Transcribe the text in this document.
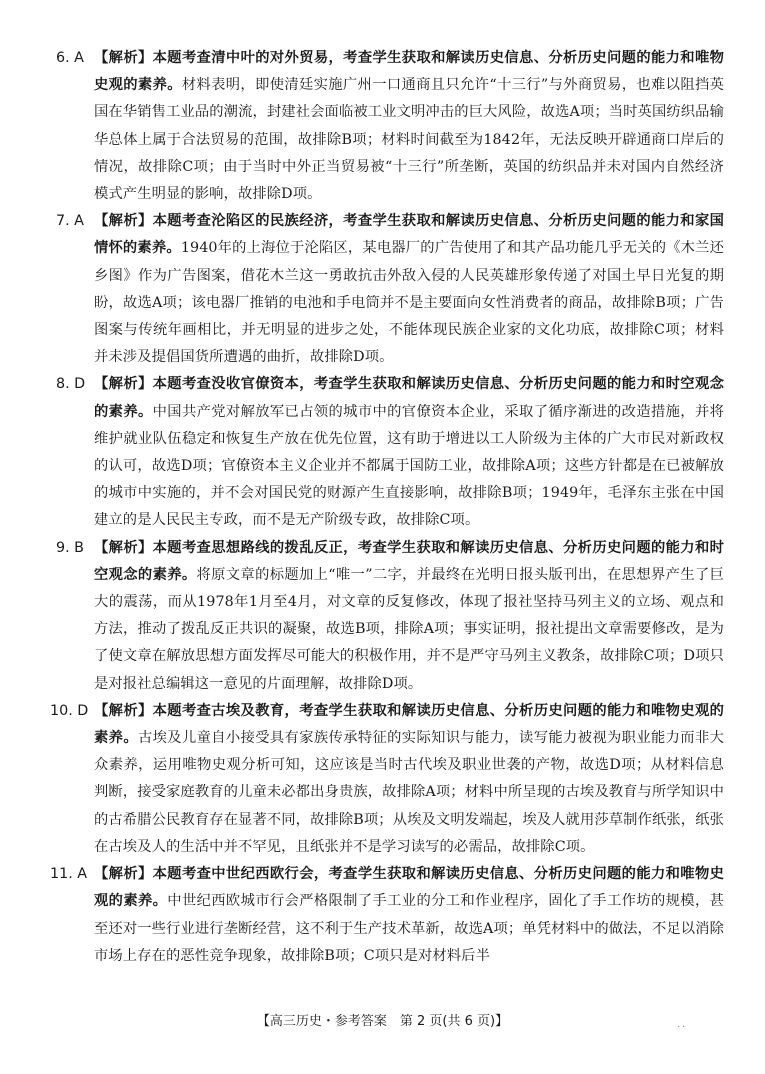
6. A 【解析】本题考查清中叶的对外贸易，考查学生获取和解读历史信息、分析历史问题的能力和唯物史观的素养。材料表明，即使清廷实施广州一口通商且只允许“十三行”与外商贸易，也难以阻挡英国在华销售工业品的潮流，封建社会面临被工业文明冲击的巨大风险，故选A项；当时英国纺织品输华总体上属于合法贸易的范围，故排除B项；材料时间截至为1842年，无法反映开辟通商口岸后的情况，故排除C项；由于当时中外正当贸易被“十三行”所垄断，英国的纺织品并未对国内自然经济模式产生明显的影响，故排除D项。

7. A 【解析】本题考查沦陷区的民族经济，考查学生获取和解读历史信息、分析历史问题的能力和家国情怀的素养。1940年的上海位于沦陷区，某电器厂的广告使用了和其产品功能几乎无关的《木兰还乡图》作为广告图案，借花木兰这一勇敢抗击外敌入侵的人民英雄形象传递了对国土早日光复的期盼，故选A项；该电器厂推销的电池和手电筒并不是主要面向女性消费者的商品，故排除B项；广告图案与传统年画相比，并无明显的进步之处，不能体现民族企业家的文化功底，故排除C项；材料并未涉及提倡国货所遭遇的曲折，故排除D项。

8. D 【解析】本题考查没收官僚资本，考查学生获取和解读历史信息、分析历史问题的能力和时空观念的素养。中国共产党对解放军已占领的城市中的官僚资本企业，采取了循序渐进的改造措施，并将维护就业队伍稳定和恢复生产放在优先位置，这有助于增进以工人阶级为主体的广大市民对新政权的认可，故选D项；官僚资本主义企业并不都属于国防工业，故排除A项；这些方针都是在已被解放的城市中实施的，并不会对国民党的财源产生直接影响，故排除B项；1949年，毛泽东主张在中国建立的是人民民主专政，而不是无产阶级专政，故排除C项。

9. B 【解析】本题考查思想路线的拨乱反正，考查学生获取和解读历史信息、分析历史问题的能力和时空观念的素养。将原文章的标题加上“唯一”二字，并最终在光明日报头版刊出，在思想界产生了巨大的震荡，而从1978年1月至4月，对文章的反复修改，体现了报社坚持马列主义的立场、观点和方法，推动了拨乱反正共识的凝聚，故选B项，排除A项；事实证明，报社提出文章需要修改，是为了使文章在解放思想方面发挥尽可能大的积极作用，并不是严守马列主义教条，故排除C项；D项只是对报社总编辑这一意见的片面理解，故排除D项。

10. D 【解析】本题考查古埃及教育，考查学生获取和解读历史信息、分析历史问题的能力和唯物史观的素养。古埃及儿童自小接受具有家族传承特征的实际知识与能力，读写能力被视为职业能力而非大众素养，运用唯物史观分析可知，这应该是当时古代埃及职业世袭的产物，故选D项；从材料信息判断，接受家庭教育的儿童未必都出身贵族，故排除A项；材料中所呈现的古埃及教育与所学知识中的古希腊公民教育存在显著不同，故排除B项；从埃及文明发端起，埃及人就用莎草制作纸张，纸张在古埃及人的生活中并不罕见，且纸张并不是学习读写的必需品，故排除C项。

11. A 【解析】本题考查中世纪西欧行会，考查学生获取和解读历史信息、分析历史问题的能力和唯物史观的素养。中世纪西欧城市行会严格限制了手工业的分工和作业程序，固化了手工作坊的规模，甚至还对一些行业进行垄断经营，这不利于生产技术革新，故选A项；单凭材料中的做法，不足以消除市场上存在的恶性竞争现象，故排除B项；C项只是对材料后半

【高三历史・参考答案　第 2 页(共 6 页)】	..
